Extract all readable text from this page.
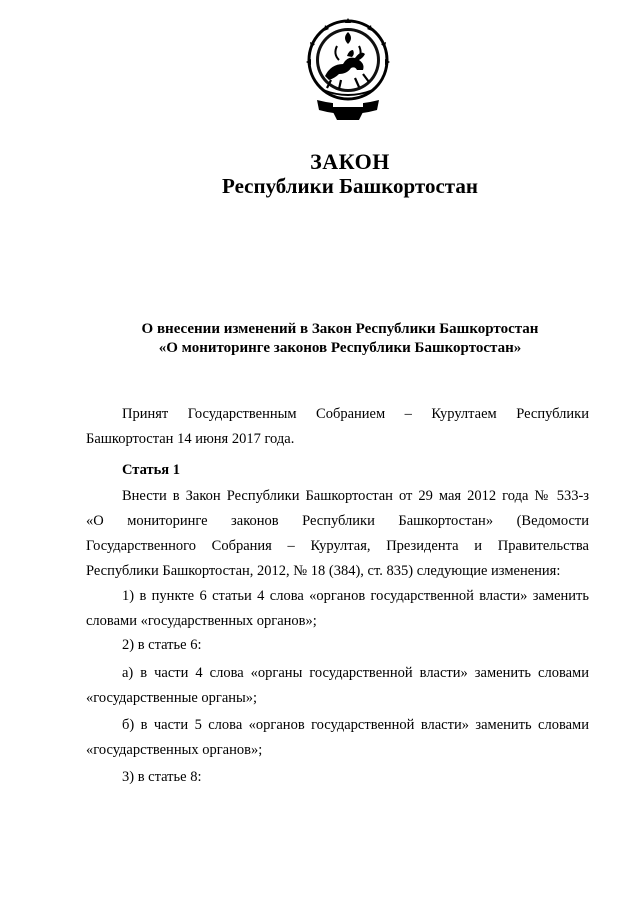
ЗАКОН
Республики Башкортостан
О внесении изменений в Закон Республики Башкортостан
«О мониторинге законов Республики Башкортостан»
Принят Государственным Собранием – Курултаем Республики
Башкортостан 14 июня 2017 года.
Статья 1
Внести в Закон Республики Башкортостан от 29 мая 2012 года № 533-з
«О мониторинге законов Республики Башкортостан» (Ведомости
Государственного Собрания – Курултая, Президента и Правительства
Республики Башкортостан, 2012, № 18 (384), ст. 835) следующие изменения:
1) в пункте 6 статьи 4 слова «органов государственной власти» заменить
словами «государственных органов»;
2) в статье 6:
а) в части 4 слова «органы государственной власти» заменить словами
«государственные органы»;
б) в части 5 слова «органов государственной власти» заменить словами
«государственных органов»;
3) в статье 8:
